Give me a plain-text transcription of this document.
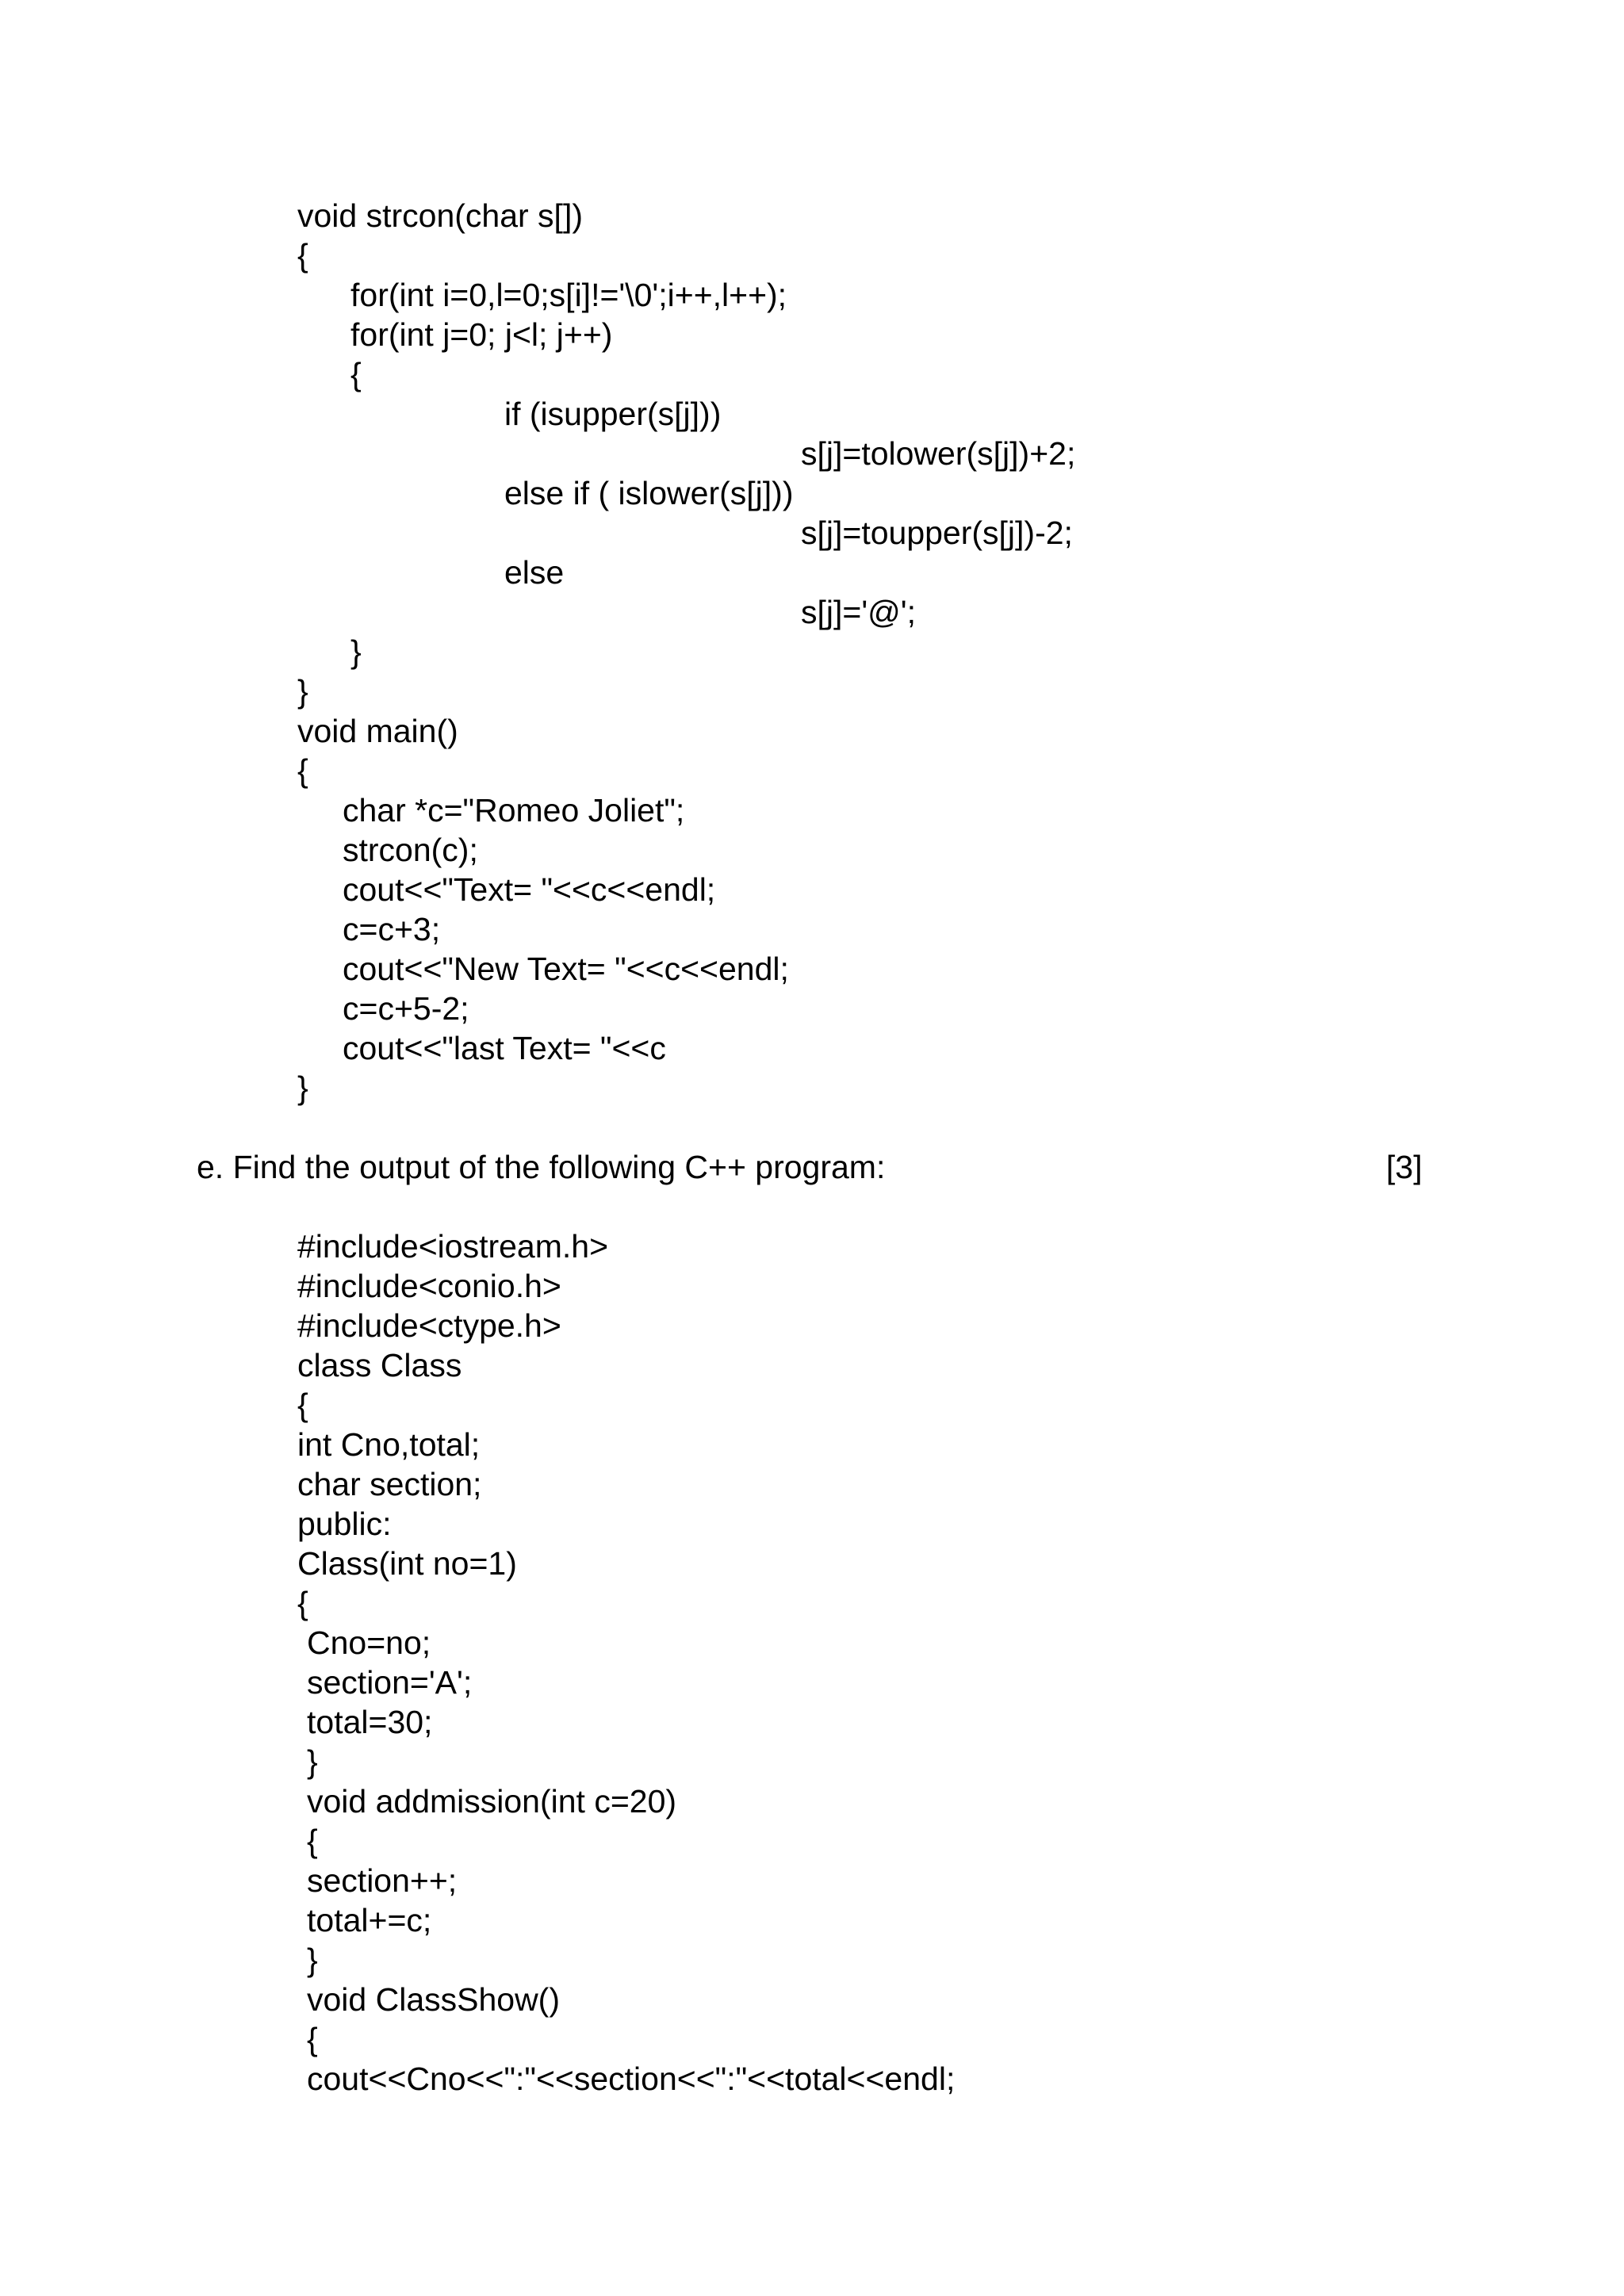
void strcon(char s[])

{

for(int i=0,l=0;s[i]!='\0';i++,l++);

for(int j=0; j<l; j++)

{

if (isupper(s[j]))

s[j]=tolower(s[j])+2;

else if ( islower(s[j]))

s[j]=toupper(s[j])-2;

else

s[j]='@';

}

}

void main()

{

char *c="Romeo Joliet";

strcon(c);

cout<<"Text= "<<c<<endl;

c=c+3;

cout<<"New Text= "<<c<<endl;

c=c+5-2;

cout<<"last Text= "<<c

}

e. Find the output of the following C++ program:	[3]

#include<iostream.h>

#include<conio.h>

#include<ctype.h>

class Class

{

int Cno,total;

char section;

public:

Class(int no=1)

{

Cno=no;

section='A';

total=30;

}

void addmission(int c=20)

{

section++;

total+=c;

}

void ClassShow()

{

cout<<Cno<<":"<<section<<":"<<total<<endl;
